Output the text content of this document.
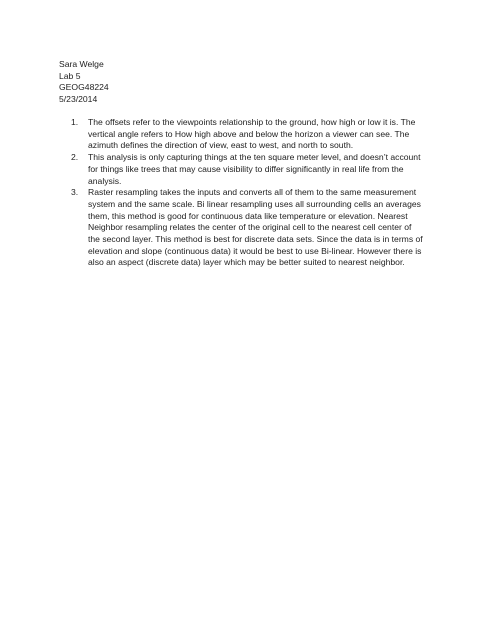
Sara Welge
Lab 5
GEOG48224
5/23/2014
1. The offsets refer to the viewpoints relationship to the ground, how high or low it is. The vertical angle refers to How high above and below the horizon a viewer can see. The azimuth defines the direction of view, east to west, and north to south.
2. This analysis is only capturing things at the ten square meter level, and doesn’t account for things like trees that may cause visibility to differ significantly in real life from the analysis.
3. Raster resampling takes the inputs and converts all of them to the same measurement system and the same scale. Bi linear resampling uses all surrounding cells an averages them, this method is good for continuous data like temperature or elevation. Nearest Neighbor resampling relates the center of the original cell to the nearest cell center of the second layer. This method is best for discrete data sets. Since the data is in terms of elevation and slope (continuous data) it would be best to use Bi-linear. However there is also an aspect (discrete data) layer which may be better suited to nearest neighbor.
